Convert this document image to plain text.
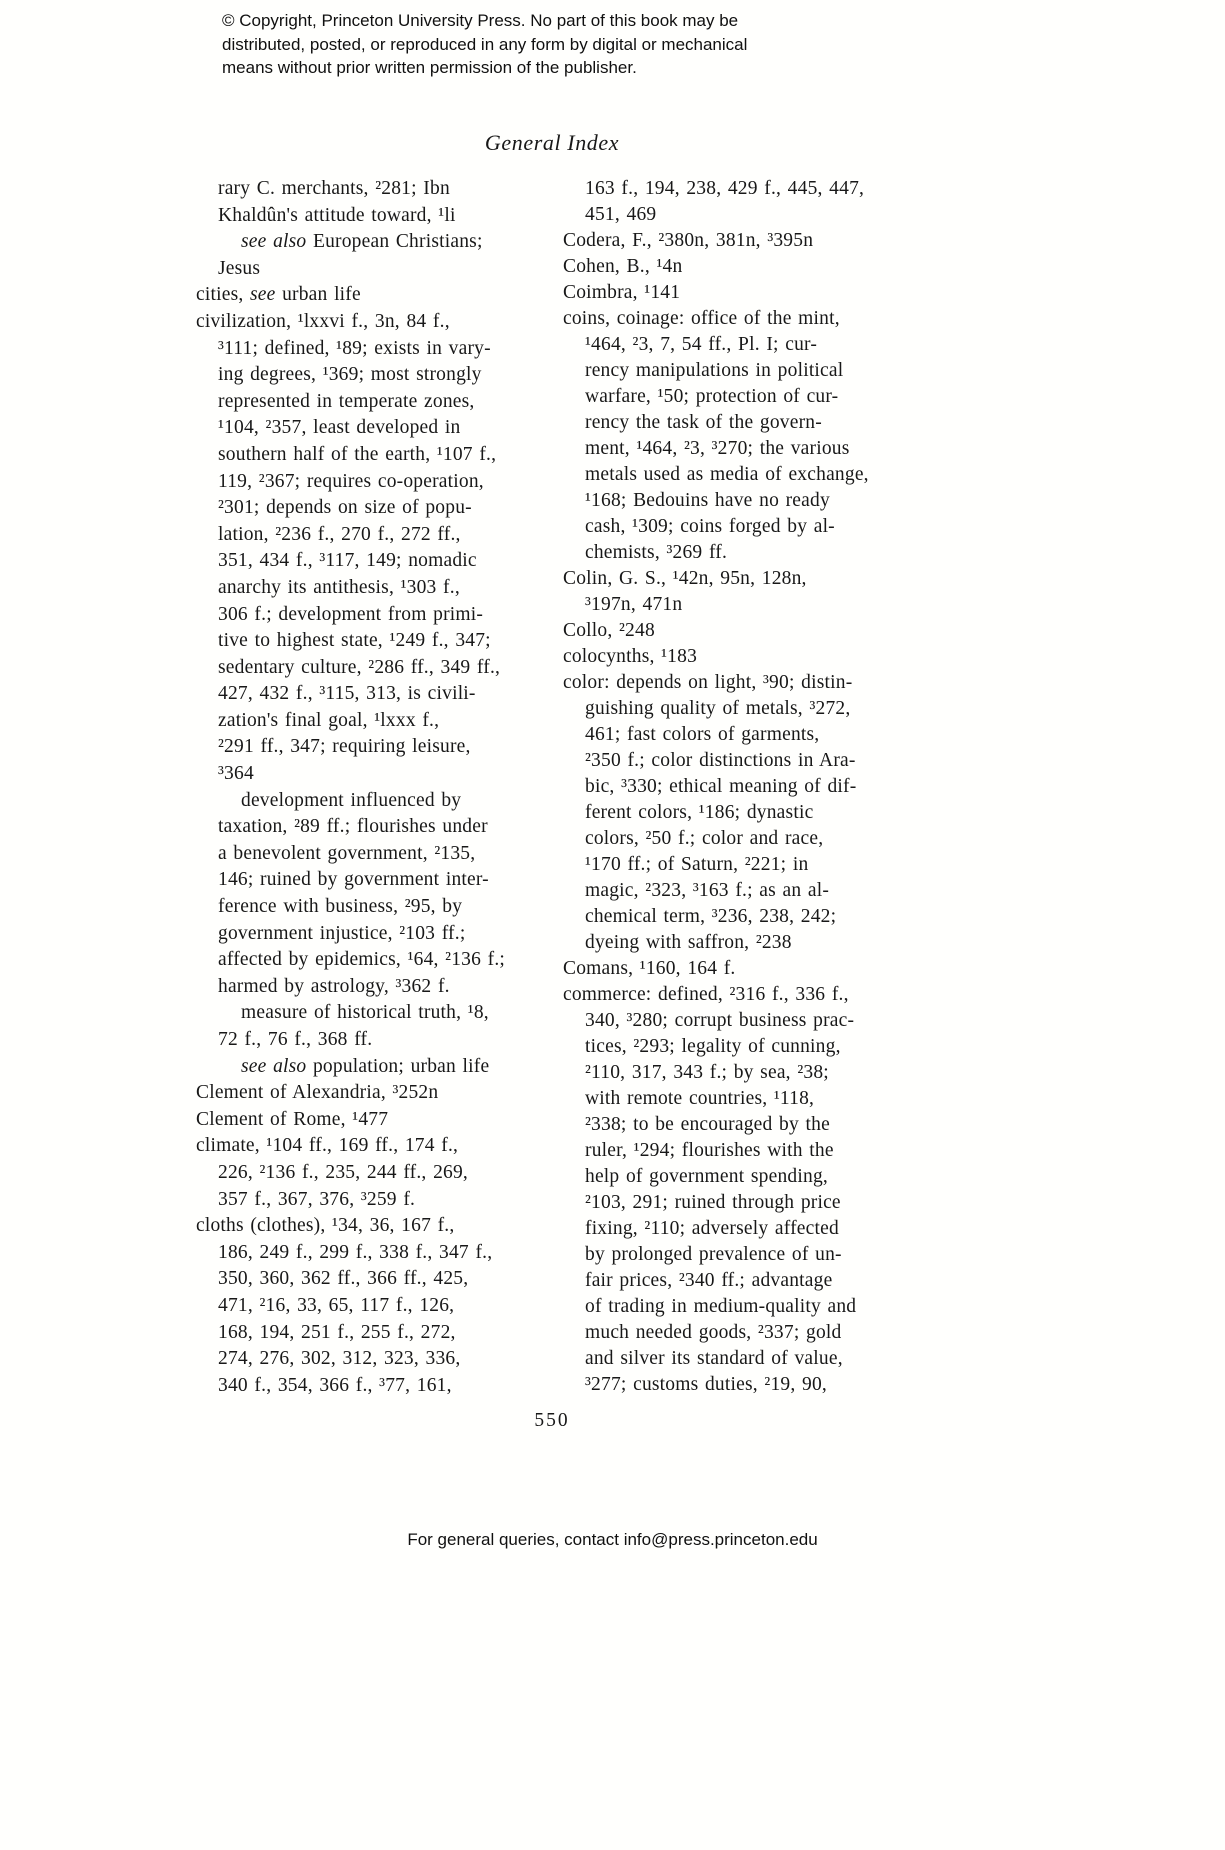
© Copyright, Princeton University Press. No part of this book may be
distributed, posted, or reproduced in any form by digital or mechanical
means without prior written permission of the publisher.
General Index
rary C. merchants, ²281; Ibn
Khaldûn's attitude toward, ¹li
see also European Christians;
Jesus
cities, see urban life
civilization, ¹lxxvi f., 3n, 84 f.,
³111; defined, ¹89; exists in vary-
ing degrees, ¹369; most strongly
represented in temperate zones,
¹104, ²357, least developed in
southern half of the earth, ¹107 f.,
119, ²367; requires co-operation,
²301; depends on size of popu-
lation, ²236 f., 270 f., 272 ff.,
351, 434 f., ³117, 149; nomadic
anarchy its antithesis, ¹303 f.,
306 f.; development from primi-
tive to highest state, ¹249 f., 347;
sedentary culture, ²286 ff., 349 ff.,
427, 432 f., ³115, 313, is civili-
zation's final goal, ¹lxxx f.,
²291 ff., 347; requiring leisure,
³364
development influenced by
taxation, ²89 ff.; flourishes under
a benevolent government, ²135,
146; ruined by government inter-
ference with business, ²95, by
government injustice, ²103 ff.;
affected by epidemics, ¹64, ²136 f.;
harmed by astrology, ³362 f.
measure of historical truth, ¹8,
72 f., 76 f., 368 ff.
see also population; urban life
Clement of Alexandria, ³252n
Clement of Rome, ¹477
climate, ¹104 ff., 169 ff., 174 f.,
226, ²136 f., 235, 244 ff., 269,
357 f., 367, 376, ³259 f.
cloths (clothes), ¹34, 36, 167 f.,
186, 249 f., 299 f., 338 f., 347 f.,
350, 360, 362 ff., 366 ff., 425,
471, ²16, 33, 65, 117 f., 126,
168, 194, 251 f., 255 f., 272,
274, 276, 302, 312, 323, 336,
340 f., 354, 366 f., ³77, 161,
163 f., 194, 238, 429 f., 445, 447,
451, 469
Codera, F., ²380n, 381n, ³395n
Cohen, B., ¹4n
Coimbra, ¹141
coins, coinage: office of the mint,
¹464, ²3, 7, 54 ff., Pl. I; cur-
rency manipulations in political
warfare, ¹50; protection of cur-
rency the task of the govern-
ment, ¹464, ²3, ³270; the various
metals used as media of exchange,
¹168; Bedouins have no ready
cash, ¹309; coins forged by al-
chemists, ³269 ff.
Colin, G. S., ¹42n, 95n, 128n,
³197n, 471n
Collo, ²248
colocynths, ¹183
color: depends on light, ³90; distin-
guishing quality of metals, ³272,
461; fast colors of garments,
²350 f.; color distinctions in Ara-
bic, ³330; ethical meaning of dif-
ferent colors, ¹186; dynastic
colors, ²50 f.; color and race,
¹170 ff.; of Saturn, ²221; in
magic, ²323, ³163 f.; as an al-
chemical term, ³236, 238, 242;
dyeing with saffron, ²238
Comans, ¹160, 164 f.
commerce: defined, ²316 f., 336 f.,
340, ³280; corrupt business prac-
tices, ²293; legality of cunning,
²110, 317, 343 f.; by sea, ²38;
with remote countries, ¹118,
²338; to be encouraged by the
ruler, ¹294; flourishes with the
help of government spending,
²103, 291; ruined through price
fixing, ²110; adversely affected
by prolonged prevalence of un-
fair prices, ²340 ff.; advantage
of trading in medium-quality and
much needed goods, ²337; gold
and silver its standard of value,
³277; customs duties, ²19, 90,
550
For general queries, contact info@press.princeton.edu
